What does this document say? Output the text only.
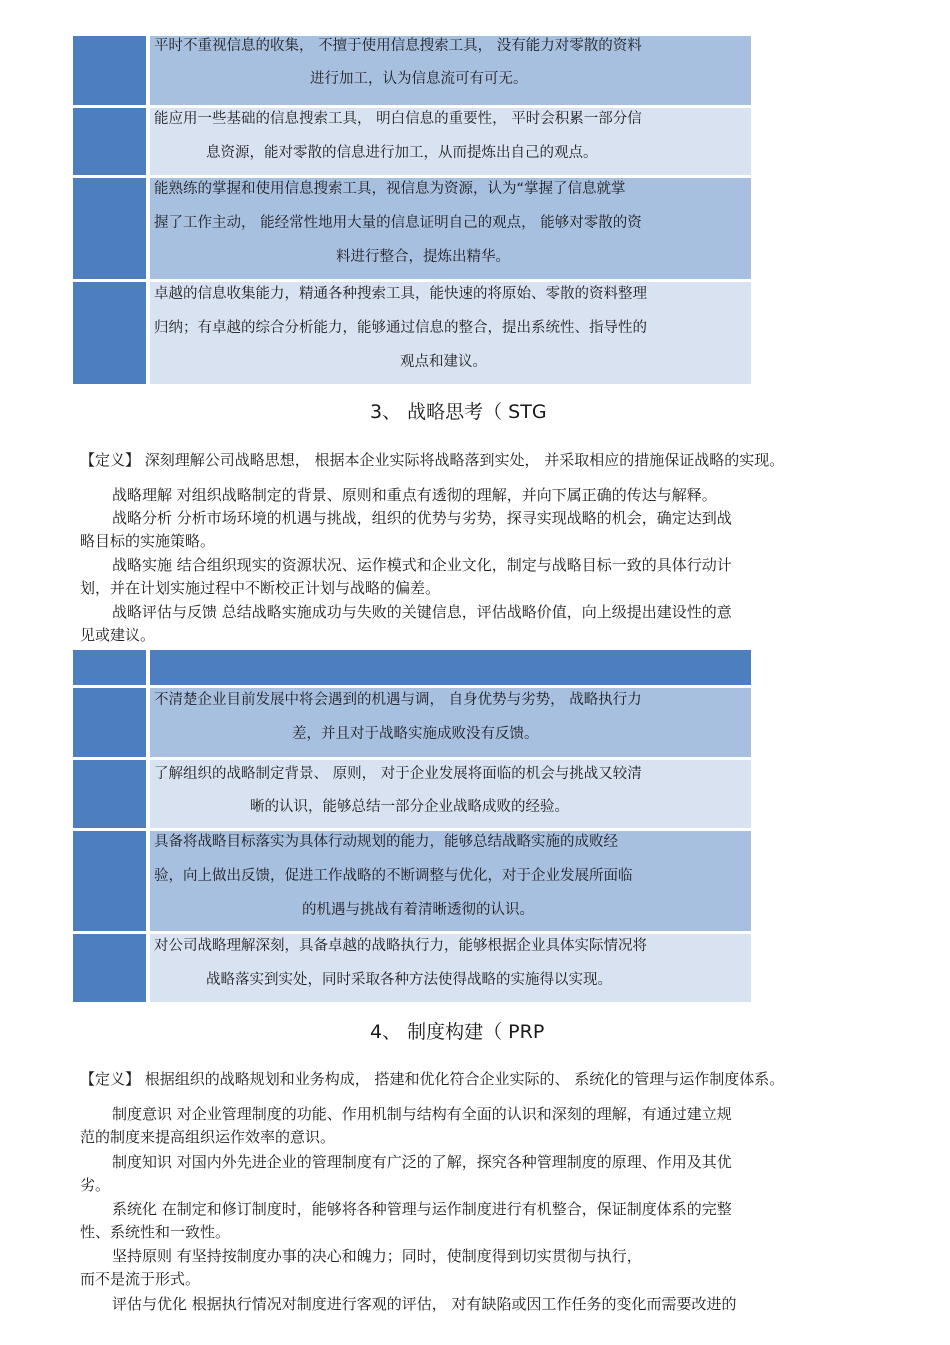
平时不重视信息的收集， 不擅于使用信息搜索工具， 没有能力对零散的资料
进行加工，认为信息流可有可无。
能应用一些基础的信息搜索工具， 明白信息的重要性， 平时会积累一部分信
息资源，能对零散的信息进行加工，从而提炼出自己的观点。
能熟练的掌握和使用信息搜索工具，视信息为资源，认为“掌握了信息就掌
握了工作主动， 能经常性地用大量的信息证明自己的观点， 能够对零散的资
料进行整合，提炼出精华。
卓越的信息收集能力，精通各种搜索工具，能快速的将原始、零散的资料整理
归纳；有卓越的综合分析能力，能够通过信息的整合，提出系统性、指导性的
观点和建议。
3、 战略思考（ STG
【定义】 深刻理解公司战略思想， 根据本企业实际将战略落到实处， 并采取相应的措施保证战略的实现。
战略理解 对组织战略制定的背景、原则和重点有透彻的理解，并向下属正确的传达与解释。
战略分析 分析市场环境的机遇与挑战，组织的优势与劣势，探寻实现战略的机会，确定达到战
略目标的实施策略。
战略实施 结合组织现实的资源状况、运作模式和企业文化，制定与战略目标一致的具体行动计
划，并在计划实施过程中不断校正计划与战略的偏差。
战略评估与反馈 总结战略实施成功与失败的关键信息，评估战略价值，向上级提出建设性的意
见或建议。
不清楚企业目前发展中将会遇到的机遇与调， 自身优势与劣势， 战略执行力
差，并且对于战略实施成败没有反馈。
了解组织的战略制定背景、 原则， 对于企业发展将面临的机会与挑战又较清
晰的认识，能够总结一部分企业战略成败的经验。
具备将战略目标落实为具体行动规划的能力，能够总结战略实施的成败经
验，向上做出反馈，促进工作战略的不断调整与优化，对于企业发展所面临
的机遇与挑战有着清晰透彻的认识。
对公司战略理解深刻，具备卓越的战略执行力，能够根据企业具体实际情况将
战略落实到实处，同时采取各种方法使得战略的实施得以实现。
4、 制度构建（ PRP
【定义】 根据组织的战略规划和业务构成， 搭建和优化符合企业实际的、 系统化的管理与运作制度体系。
制度意识 对企业管理制度的功能、作用机制与结构有全面的认识和深刻的理解，有通过建立规
范的制度来提高组织运作效率的意识。
制度知识 对国内外先进企业的管理制度有广泛的了解，探究各种管理制度的原理、作用及其优
劣。
系统化 在制定和修订制度时，能够将各种管理与运作制度进行有机整合，保证制度体系的完整
性、系统性和一致性。
坚持原则 有坚持按制度办事的决心和魄力；同时，使制度得到切实贯彻与执行，
而不是流于形式。
评估与优化 根据执行情况对制度进行客观的评估， 对有缺陷或因工作任务的变化而需要改进的
